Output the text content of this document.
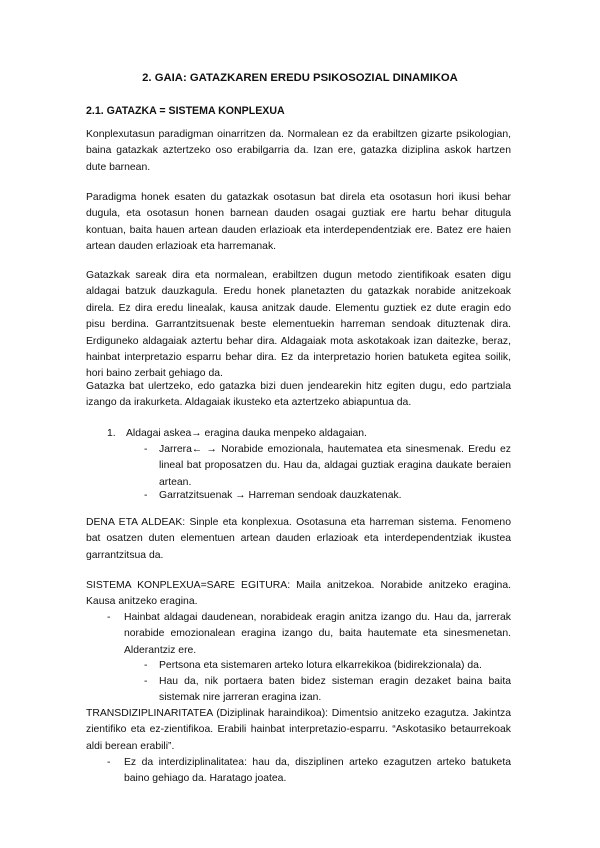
2. GAIA: GATAZKAREN EREDU PSIKOSOZIAL DINAMIKOA

2.1. GATAZKA = SISTEMA KONPLEXUA

Konplexutasun paradigman oinarritzen da. Normalean ez da erabiltzen gizarte psikologian, baina gatazkak aztertzeko oso erabilgarria da. Izan ere, gatazka diziplina askok hartzen dute barnean.

Paradigma honek esaten du gatazkak osotasun bat direla eta osotasun hori ikusi behar dugula, eta osotasun honen barnean dauden osagai guztiak ere hartu behar ditugula kontuan, baita hauen artean dauden erlazioak eta interdependentziak ere. Batez ere haien artean dauden erlazioak eta harremanak.

Gatazkak sareak dira eta normalean, erabiltzen dugun metodo zientifikoak esaten digu aldagai batzuk dauzkagula. Eredu honek planetazten du gatazkak norabide anitzekoak direla. Ez dira eredu linealak, kausa anitzak daude. Elementu guztiek ez dute eragin edo pisu berdina. Garrantzitsuenak beste elementuekin harreman sendoak dituztenak dira. Erdiguneko aldagaiak aztertu behar dira. Aldagaiak mota askotakoak izan daitezke, beraz, hainbat interpretazio esparru behar dira. Ez da interpretazio horien batuketa egitea soilik, hori baino zerbait gehiago da.

Gatazka bat ulertzeko, edo gatazka bizi duen jendearekin hitz egiten dugu, edo partziala izango da irakurketa. Aldagaiak ikusteko eta aztertzeko abiapuntua da.

1. Aldagai askea→ eragina dauka menpeko aldagaian.

- Jarrera← → Norabide emozionala, hautematea eta sinesmenak. Eredu ez lineal bat proposatzen du. Hau da, aldagai guztiak eragina daukate beraien artean.

- Garratzitsuenak → Harreman sendoak dauzkatenak.

DENA ETA ALDEAK: Sinple eta konplexua. Osotasuna eta harreman sistema. Fenomeno bat osatzen duten elementuen artean dauden erlazioak eta interdependentziak ikustea garrantzitsua da.

SISTEMA KONPLEXUA=SARE EGITURA: Maila anitzekoa. Norabide anitzeko eragina. Kausa anitzeko eragina.

- Hainbat aldagai daudenean, norabideak eragin anitza izango du. Hau da, jarrerak norabide emozionalean eragina izango du, baita hautemate eta sinesmenetan. Alderantziz ere.

- Pertsona eta sistemaren arteko lotura elkarrekikoa (bidirekzionala) da.

- Hau da, nik portaera baten bidez sisteman eragin dezaket baina baita sistemak nire jarreran eragina izan.

TRANSDIZIPLINARITATEA (Diziplinak haraindikoa): Dimentsio anitzeko ezagutza. Jakintza zientifiko eta ez-zientifikoa. Erabili hainbat interpretazio-esparru. “Askotasiko betaurrekoak aldi berean erabili”.

- Ez da interdiziplinalitatea: hau da, disziplinen arteko ezagutzen arteko batuketa baino gehiago da. Haratago joatea.
